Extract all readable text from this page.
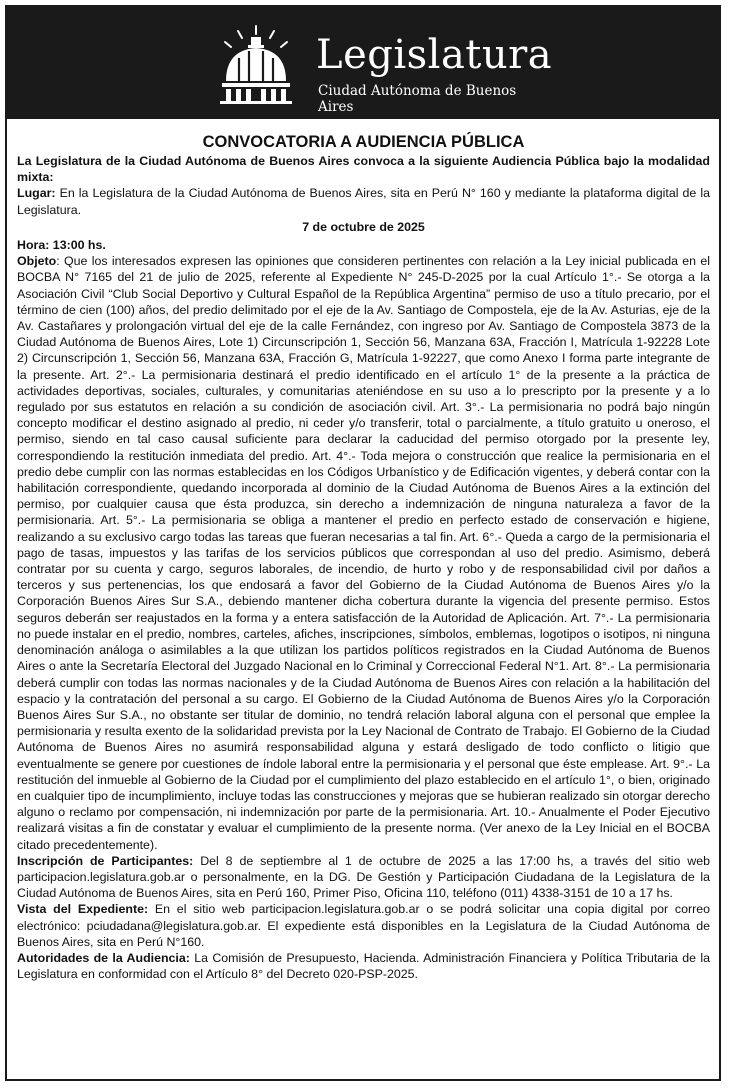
Legislatura
Ciudad Autónoma de Buenos Aires
CONVOCATORIA A AUDIENCIA PÚBLICA

La Legislatura de la Ciudad Autónoma de Buenos Aires convoca a la siguiente Audiencia Pública bajo la modalidad mixta:

Lugar: En la Legislatura de la Ciudad Autónoma de Buenos Aires, sita en Perú N° 160 y mediante la plataforma digital de la Legislatura.

7 de octubre de 2025

Hora: 13:00 hs.

Objeto: Que los interesados expresen las opiniones que consideren pertinentes con relación a la Ley inicial publicada en el BOCBA N° 7165 del 21 de julio de 2025, referente al Expediente N° 245-D-2025 por la cual Artículo 1°.- Se otorga a la Asociación Civil “Club Social Deportivo y Cultural Español de la República Argentina” permiso de uso a título precario, por el término de cien (100) años, del predio delimitado por el eje de la Av. Santiago de Compostela, eje de la Av. Asturias, eje de la Av. Castañares y prolongación virtual del eje de la calle Fernández, con ingreso por Av. Santiago de Compostela 3873 de la Ciudad Autónoma de Buenos Aires, Lote 1) Circunscripción 1, Sección 56, Manzana 63A, Fracción I, Matrícula 1-92228 Lote 2) Circunscripción 1, Sección 56, Manzana 63A, Fracción G, Matrícula 1-92227, que como Anexo I forma parte integrante de la presente. Art. 2°.- La permisionaria destinará el predio identificado en el artículo 1° de la presente a la práctica de actividades deportivas, sociales, culturales, y comunitarias ateniéndose en su uso a lo prescripto por la presente y a lo regulado por sus estatutos en relación a su condición de asociación civil. Art. 3°.- La permisionaria no podrá bajo ningún concepto modificar el destino asignado al predio, ni ceder y/o transferir, total o parcialmente, a título gratuito u oneroso, el permiso, siendo en tal caso causal suficiente para declarar la caducidad del permiso otorgado por la presente ley, correspondiendo la restitución inmediata del predio. Art. 4°.- Toda mejora o construcción que realice la permisionaria en el predio debe cumplir con las normas establecidas en los Códigos Urbanístico y de Edificación vigentes, y deberá contar con la habilitación correspondiente, quedando incorporada al dominio de la Ciudad Autónoma de Buenos Aires a la extinción del permiso, por cualquier causa que ésta produzca, sin derecho a indemnización de ninguna naturaleza a favor de la permisionaria. Art. 5°.- La permisionaria se obliga a mantener el predio en perfecto estado de conservación e higiene, realizando a su exclusivo cargo todas las tareas que fueran necesarias a tal fin. Art. 6°.- Queda a cargo de la permisionaria el pago de tasas, impuestos y las tarifas de los servicios públicos que correspondan al uso del predio. Asimismo, deberá contratar por su cuenta y cargo, seguros laborales, de incendio, de hurto y robo y de responsabilidad civil por daños a terceros y sus pertenencias, los que endosará a favor del Gobierno de la Ciudad Autónoma de Buenos Aires y/o la Corporación Buenos Aires Sur S.A., debiendo mantener dicha cobertura durante la vigencia del presente permiso. Estos seguros deberán ser reajustados en la forma y a entera satisfacción de la Autoridad de Aplicación. Art. 7°.- La permisionaria no puede instalar en el predio, nombres, carteles, afiches, inscripciones, símbolos, emblemas, logotipos o isotipos, ni ninguna denominación análoga o asimilables a la que utilizan los partidos políticos registrados en la Ciudad Autónoma de Buenos Aires o ante la Secretaría Electoral del Juzgado Nacional en lo Criminal y Correccional Federal N°1. Art. 8°.- La permisionaria deberá cumplir con todas las normas nacionales y de la Ciudad Autónoma de Buenos Aires con relación a la habilitación del espacio y la contratación del personal a su cargo. El Gobierno de la Ciudad Autónoma de Buenos Aires y/o la Corporación Buenos Aires Sur S.A., no obstante ser titular de dominio, no tendrá relación laboral alguna con el personal que emplee la permisionaria y resulta exento de la solidaridad prevista por la Ley Nacional de Contrato de Trabajo. El Gobierno de la Ciudad Autónoma de Buenos Aires no asumirá responsabilidad alguna y estará desligado de todo conflicto o litigio que eventualmente se genere por cuestiones de índole laboral entre la permisionaria y el personal que éste emplease. Art. 9°.- La restitución del inmueble al Gobierno de la Ciudad por el cumplimiento del plazo establecido en el artículo 1°, o bien, originado en cualquier tipo de incumplimiento, incluye todas las construcciones y mejoras que se hubieran realizado sin otorgar derecho alguno o reclamo por compensación, ni indemnización por parte de la permisionaria. Art. 10.- Anualmente el Poder Ejecutivo realizará visitas a fin de constatar y evaluar el cumplimiento de la presente norma. (Ver anexo de la Ley Inicial en el BOCBA citado precedentemente).

Inscripción de Participantes: Del 8 de septiembre al 1 de octubre de 2025 a las 17:00 hs, a través del sitio web participacion.legislatura.gob.ar o personalmente, en la DG. De Gestión y Participación Ciudadana de la Legislatura de la Ciudad Autónoma de Buenos Aires, sita en Perú 160, Primer Piso, Oficina 110, teléfono (011) 4338-3151 de 10 a 17 hs.

Vista del Expediente: En el sitio web participacion.legislatura.gob.ar o se podrá solicitar una copia digital por correo electrónico: pciudadana@legislatura.gob.ar. El expediente está disponibles en la Legislatura de la Ciudad Autónoma de Buenos Aires, sita en Perú N°160.

Autoridades de la Audiencia: La Comisión de Presupuesto, Hacienda. Administración Financiera y Política Tributaria de la Legislatura en conformidad con el Artículo 8° del Decreto 020-PSP-2025.
